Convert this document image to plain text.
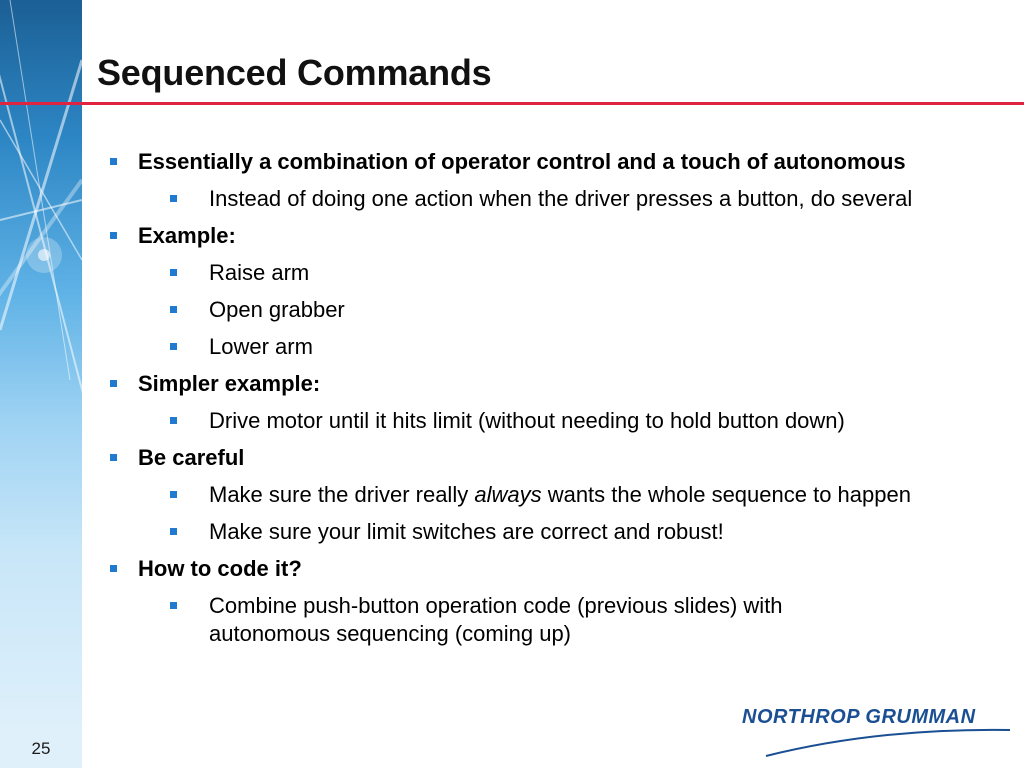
25
Sequenced Commands
Essentially a combination of operator control and a touch of autonomous
Instead of doing one action when the driver presses a button, do several
Example:
Raise arm
Open grabber
Lower arm
Simpler example:
Drive motor until it hits limit (without needing to hold button down)
Be careful
Make sure the driver really always wants the whole sequence to happen
Make sure your limit switches are correct and robust!
How to code it?
Combine push-button operation code (previous slides) with autonomous sequencing (coming up)
NORTHROP GRUMMAN
